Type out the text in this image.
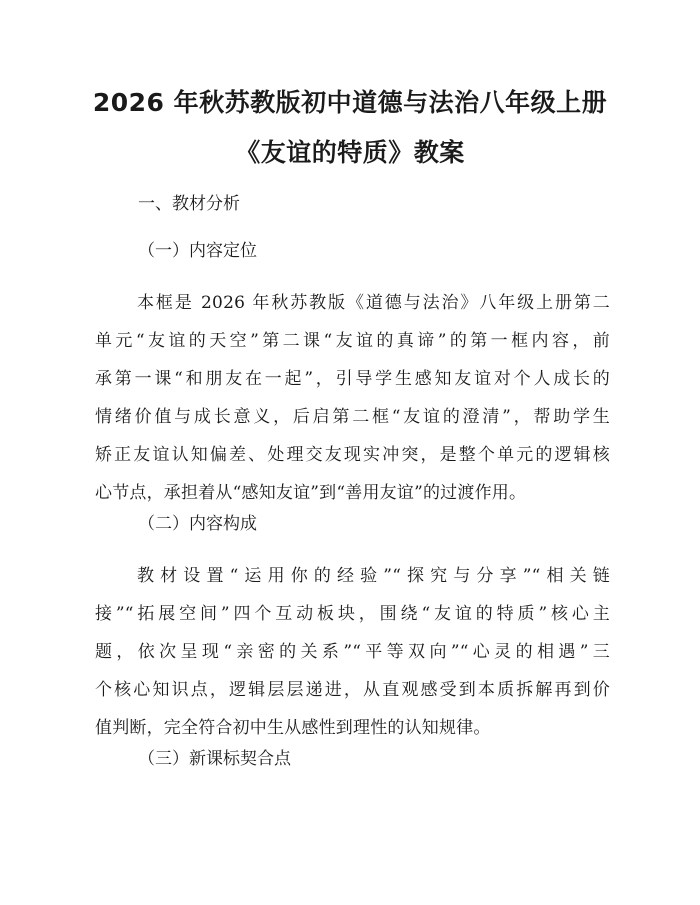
2026 年秋苏教版初中道德与法治八年级上册
《友谊的特质》教案

一、教材分析

（一）内容定位

本框是 2026 年秋苏教版《道德与法治》八年级上册第二
单元“友谊的天空”第二课“友谊的真谛”的第一框内容，前
承第一课“和朋友在一起”，引导学生感知友谊对个人成长的
情绪价值与成长意义，后启第二框“友谊的澄清”，帮助学生
矫正友谊认知偏差、处理交友现实冲突，是整个单元的逻辑核
心节点，承担着从“感知友谊”到“善用友谊”的过渡作用。

（二）内容构成

教材设置“运用你的经验”“探究与分享”“相关链
接”“拓展空间”四个互动板块，围绕“友谊的特质”核心主
题，依次呈现“亲密的关系”“平等双向”“心灵的相遇”三
个核心知识点，逻辑层层递进，从直观感受到本质拆解再到价
值判断，完全符合初中生从感性到理性的认知规律。

（三）新课标契合点
